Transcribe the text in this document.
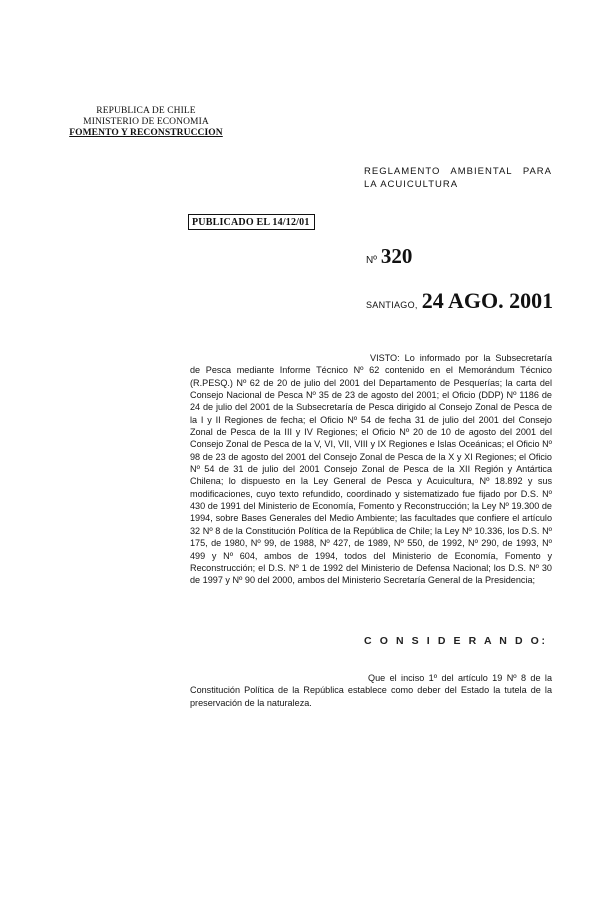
REPUBLICA DE CHILE
MINISTERIO DE ECONOMIA
FOMENTO Y RECONSTRUCCION
REGLAMENTO AMBIENTAL PARA
LA ACUICULTURA
PUBLICADO EL 14/12/01
Nº 320
SANTIAGO, 24 AGO. 2001
VISTO: Lo informado por la Subsecretaría de Pesca mediante Informe Técnico Nº 62 contenido en el Memorándum Técnico (R.PESQ.) Nº 62 de 20 de julio del 2001 del Departamento de Pesquerías; la carta del Consejo Nacional de Pesca Nº 35 de 23 de agosto del 2001; el Oficio (DDP) Nº 1186 de 24 de julio del 2001 de la Subsecretaría de Pesca dirigido al Consejo Zonal de Pesca de la I y II Regiones de fecha; el Oficio Nº 54 de fecha 31 de julio del 2001 del Consejo Zonal de Pesca de la III y IV Regiones; el Oficio Nº 20 de 10 de agosto del 2001 del Consejo Zonal de Pesca de la V, VI, VII, VIII y IX Regiones e Islas Oceánicas; el Oficio Nº 98 de 23 de agosto del 2001 del Consejo Zonal de Pesca de la X y XI Regiones; el Oficio Nº 54 de 31 de julio del 2001 Consejo Zonal de Pesca de la XII Región y Antártica Chilena; lo dispuesto en la Ley General de Pesca y Acuicultura, Nº 18.892 y sus modificaciones, cuyo texto refundido, coordinado y sistematizado fue fijado por D.S. Nº 430 de 1991 del Ministerio de Economía, Fomento y Reconstrucción; la Ley Nº 19.300 de 1994, sobre Bases Generales del Medio Ambiente; las facultades que confiere el artículo 32 Nº 8 de la Constitución Política de la República de Chile; la Ley Nº 10.336, los D.S. Nº 175, de 1980, Nº 99, de 1988, Nº 427, de 1989, Nº 550, de 1992, Nº 290, de 1993, Nº 499 y Nº 604, ambos de 1994, todos del Ministerio de Economía, Fomento y Reconstrucción; el D.S. Nº 1 de 1992 del Ministerio de Defensa Nacional; los D.S. Nº 30 de 1997 y Nº 90 del 2000, ambos del Ministerio Secretaría General de la Presidencia;
C O N S I D E R A N D O:
Que el inciso 1º del artículo 19 Nº 8 de la Constitución Política de la República establece como deber del Estado la tutela de la preservación de la naturaleza.
